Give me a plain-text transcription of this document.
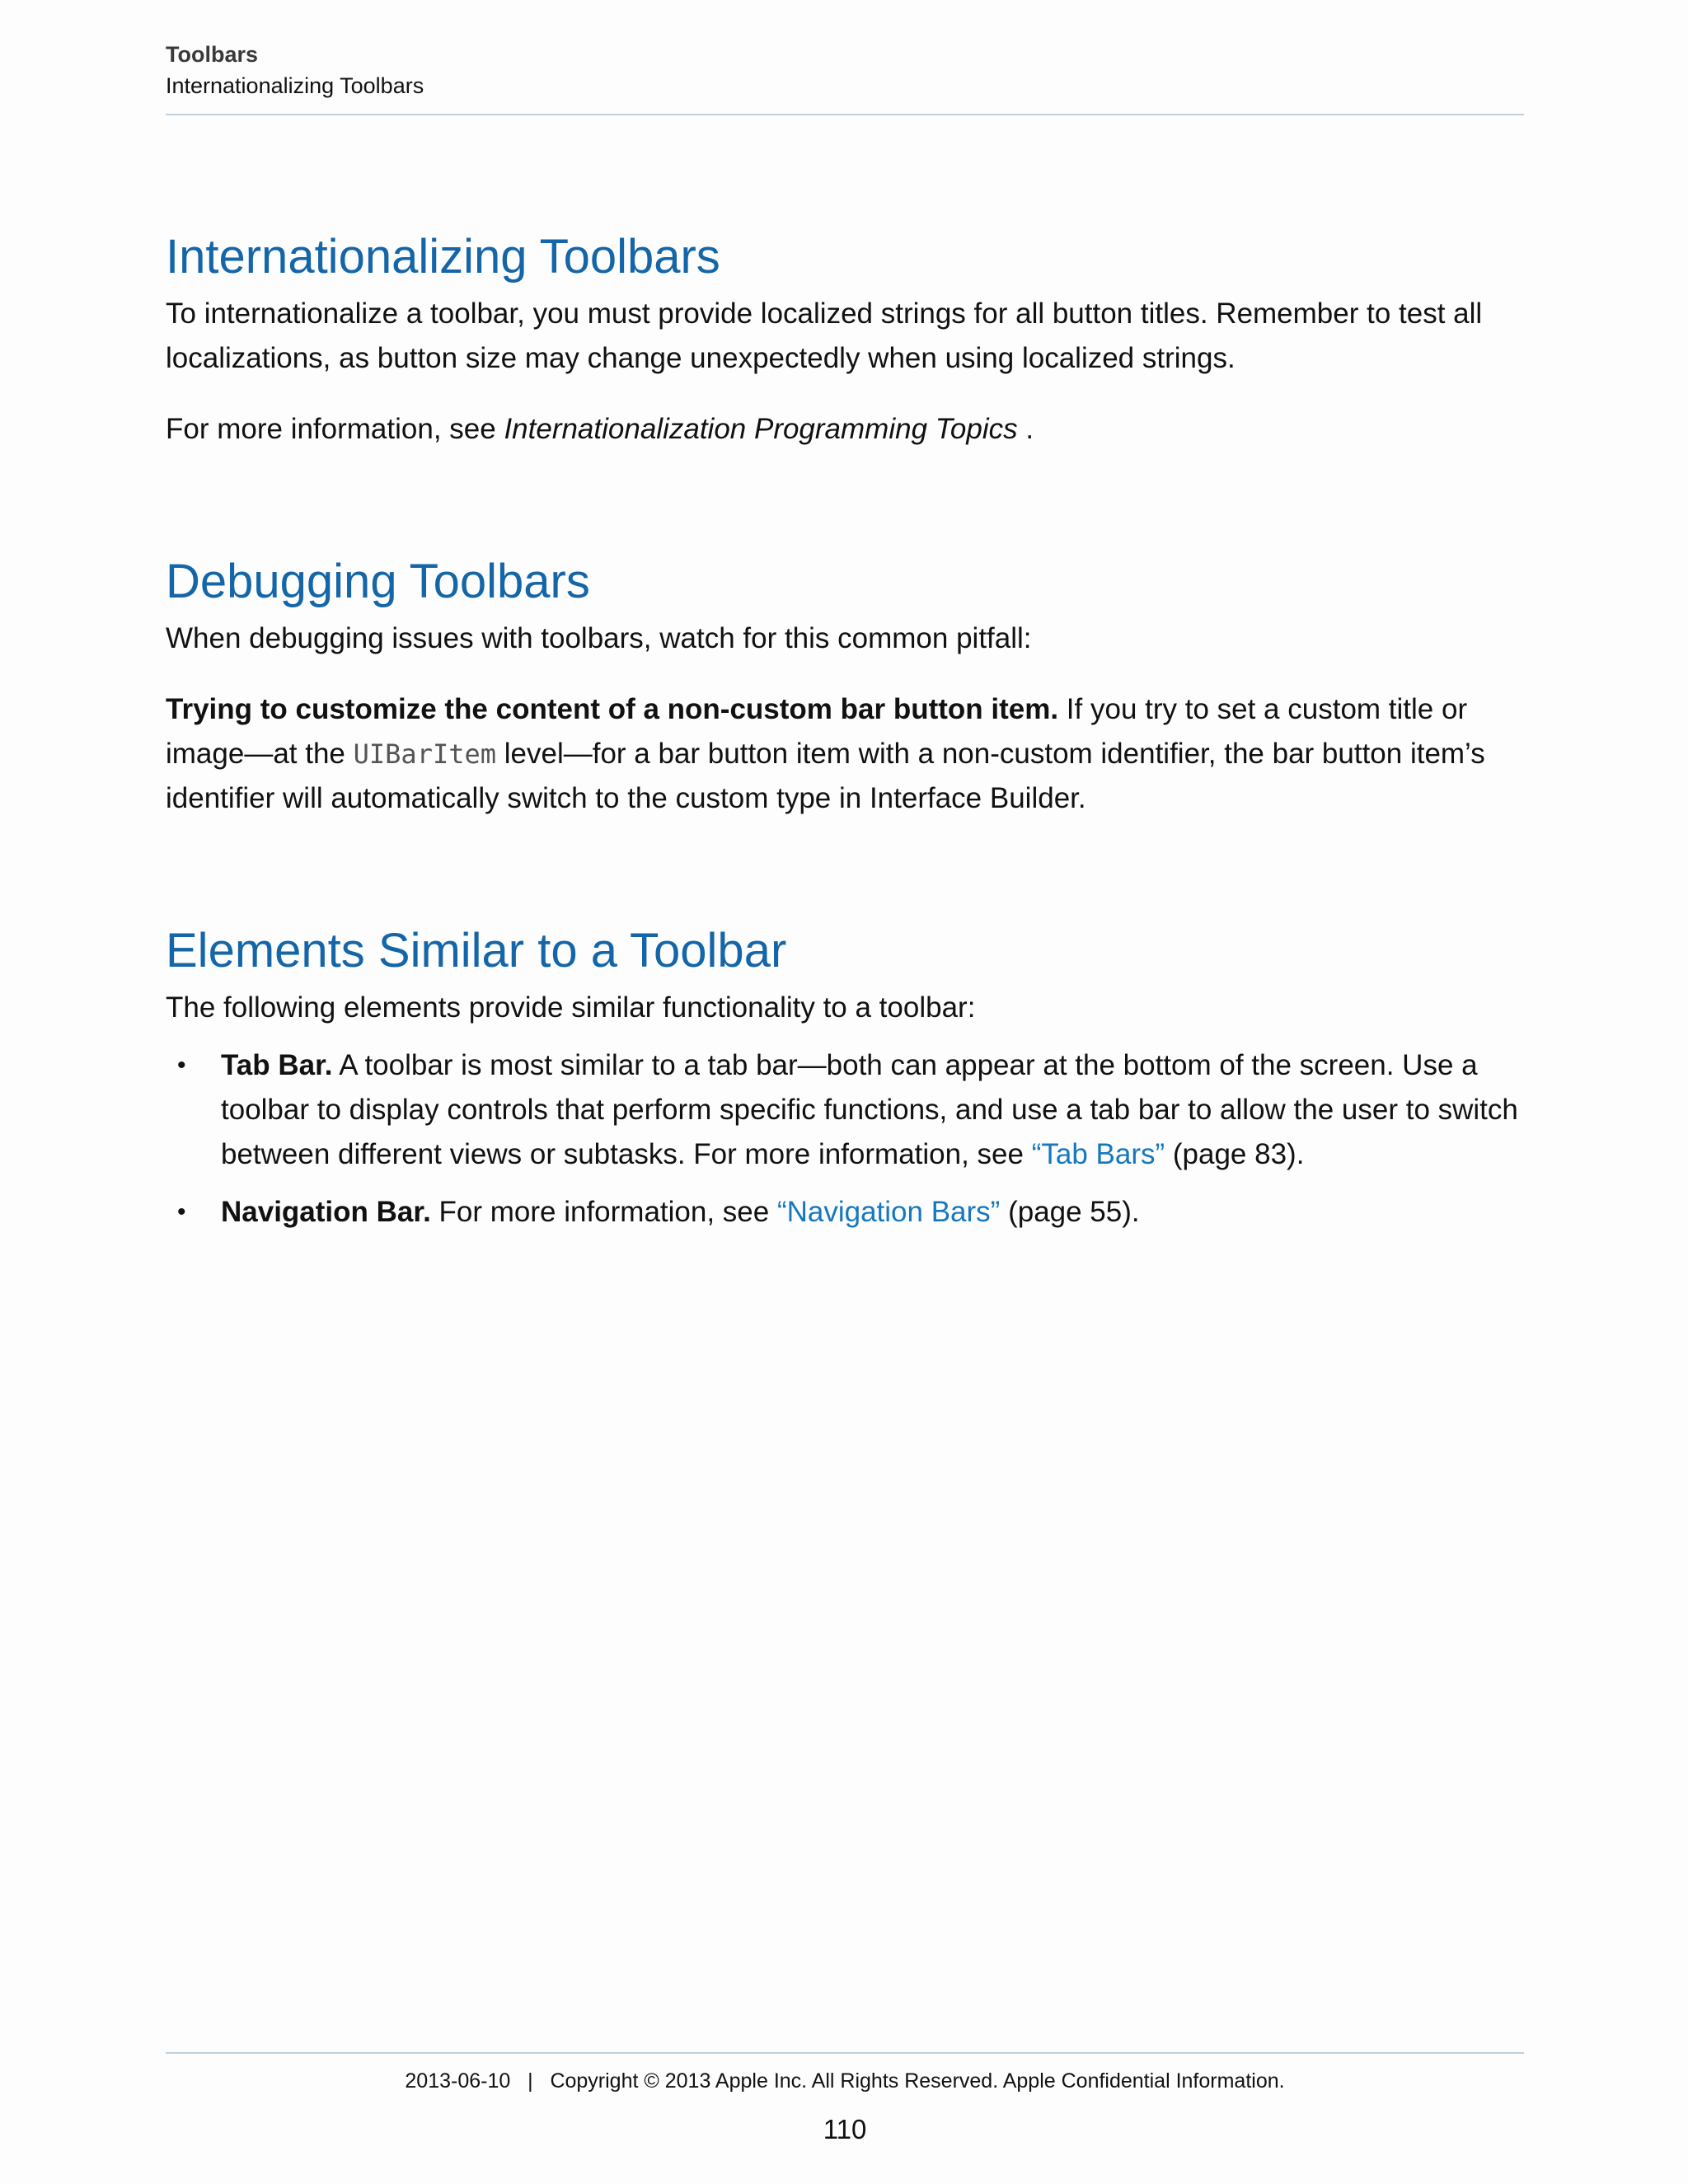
Toolbars
Internationalizing Toolbars
Internationalizing Toolbars

To internationalize a toolbar, you must provide localized strings for all button titles. Remember to test all localizations, as button size may change unexpectedly when using localized strings.

For more information, see Internationalization Programming Topics .

Debugging Toolbars

When debugging issues with toolbars, watch for this common pitfall:

Trying to customize the content of a non-custom bar button item. If you try to set a custom title or image—at the UIBarItem level—for a bar button item with a non-custom identifier, the bar button item’s identifier will automatically switch to the custom type in Interface Builder.

Elements Similar to a Toolbar

The following elements provide similar functionality to a toolbar:

• Tab Bar. A toolbar is most similar to a tab bar—both can appear at the bottom of the screen. Use a toolbar to display controls that perform specific functions, and use a tab bar to allow the user to switch between different views or subtasks. For more information, see “Tab Bars” (page 83).
• Navigation Bar. For more information, see “Navigation Bars” (page 55).
2013-06-10   |   Copyright © 2013 Apple Inc. All Rights Reserved. Apple Confidential Information.
110
